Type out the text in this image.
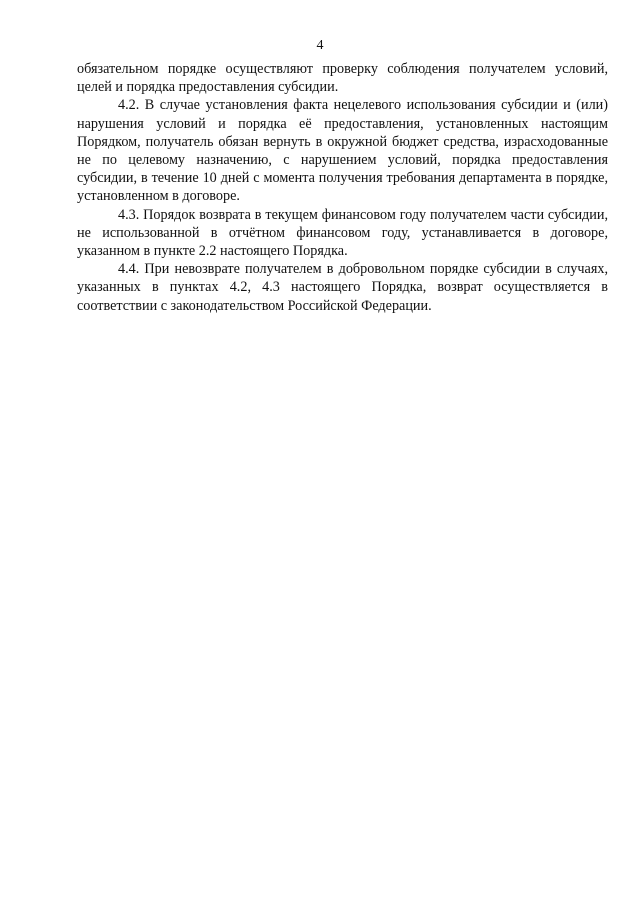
4

обязательном порядке осуществляют проверку соблюдения получателем условий, целей и порядка предоставления субсидии.

4.2. В случае установления факта нецелевого использования субсидии и (или) нарушения условий и порядка её предоставления, установленных настоящим Порядком, получатель обязан вернуть в окружной бюджет средства, израсходованные не по целевому назначению, с нарушением условий, порядка предоставления субсидии, в течение 10 дней с момента получения требования департамента в порядке, установленном в договоре.

4.3. Порядок возврата в текущем финансовом году получателем части субсидии, не использованной в отчётном финансовом году, устанавливается в договоре, указанном в пункте 2.2 настоящего Порядка.

4.4. При невозврате получателем в добровольном порядке субсидии в случаях, указанных в пунктах 4.2, 4.3 настоящего Порядка, возврат осуществляется в соответствии с законодательством Российской Федерации.
